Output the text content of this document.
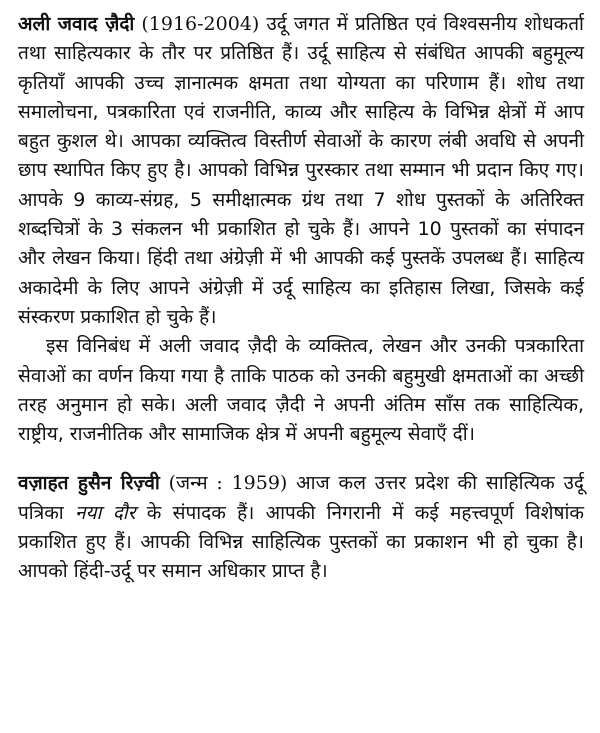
अली जवाद ज़ैदी (1916-2004) उर्दू जगत में प्रतिष्ठित एवं विश्वसनीय शोधकर्ता तथा साहित्यकार के तौर पर प्रतिष्ठित हैं। उर्दू साहित्य से संबंधित आपकी बहुमूल्य कृतियाँ आपकी उच्च ज्ञानात्मक क्षमता तथा योग्यता का परिणाम हैं। शोध तथा समालोचना, पत्रकारिता एवं राजनीति, काव्य और साहित्य के विभिन्न क्षेत्रों में आप बहुत कुशल थे। आपका व्यक्तित्व विस्तीर्ण सेवाओं के कारण लंबी अवधि से अपनी छाप स्थापित किए हुए है। आपको विभिन्न पुरस्कार तथा सम्मान भी प्रदान किए गए। आपके 9 काव्य-संग्रह, 5 समीक्षात्मक ग्रंथ तथा 7 शोध पुस्तकों के अतिरिक्त शब्दचित्रों के 3 संकलन भी प्रकाशित हो चुके हैं। आपने 10 पुस्तकों का संपादन और लेखन किया। हिंदी तथा अंग्रेज़ी में भी आपकी कई पुस्तकें उपलब्ध हैं। साहित्य अकादेमी के लिए आपने अंग्रेज़ी में उर्दू साहित्य का इतिहास लिखा, जिसके कई संस्करण प्रकाशित हो चुके हैं।

इस विनिबंध में अली जवाद ज़ैदी के व्यक्तित्व, लेखन और उनकी पत्रकारिता सेवाओं का वर्णन किया गया है ताकि पाठक को उनकी बहुमुखी क्षमताओं का अच्छी तरह अनुमान हो सके। अली जवाद ज़ैदी ने अपनी अंतिम साँस तक साहित्यिक, राष्ट्रीय, राजनीतिक और सामाजिक क्षेत्र में अपनी बहुमूल्य सेवाएँ दीं।

वज़ाहत हुसैन रिज़्वी (जन्म : 1959) आज कल उत्तर प्रदेश की साहित्यिक उर्दू पत्रिका नया दौर के संपादक हैं। आपकी निगरानी में कई महत्त्वपूर्ण विशेषांक प्रकाशित हुए हैं। आपकी विभिन्न साहित्यिक पुस्तकों का प्रकाशन भी हो चुका है। आपको हिंदी-उर्दू पर समान अधिकार प्राप्त है।
